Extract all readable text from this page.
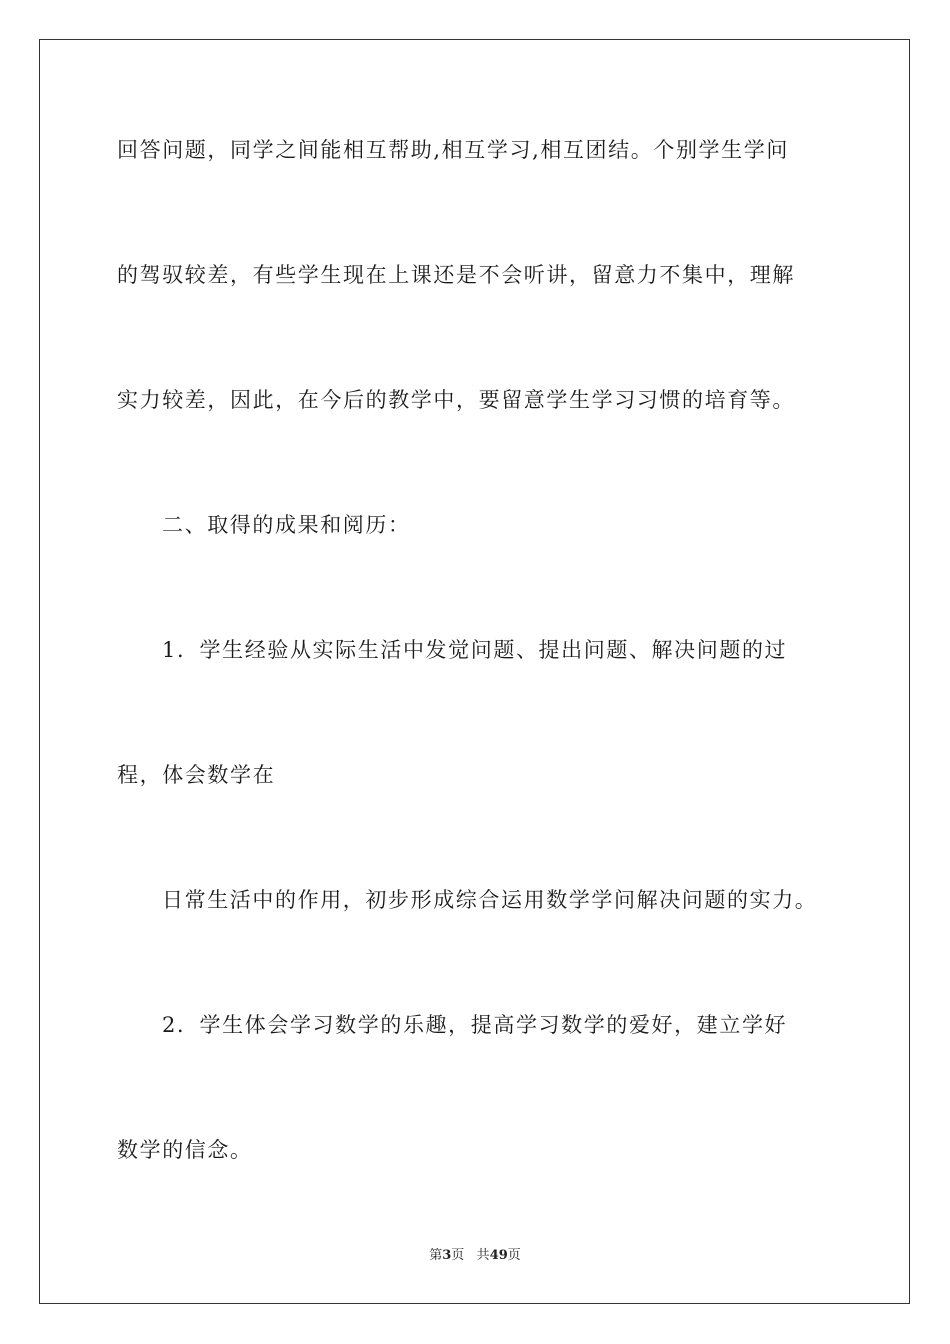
回答问题，同学之间能相互帮助,相互学习,相互团结。个别学生学问
的驾驭较差，有些学生现在上课还是不会听讲，留意力不集中，理解
实力较差，因此，在今后的教学中，要留意学生学习习惯的培育等。
二、取得的成果和阅历：
1．学生经验从实际生活中发觉问题、提出问题、解决问题的过
程，体会数学在
日常生活中的作用，初步形成综合运用数学学问解决问题的实力。
2．学生体会学习数学的乐趣，提高学习数学的爱好，建立学好
数学的信念。
第3页 共49页
